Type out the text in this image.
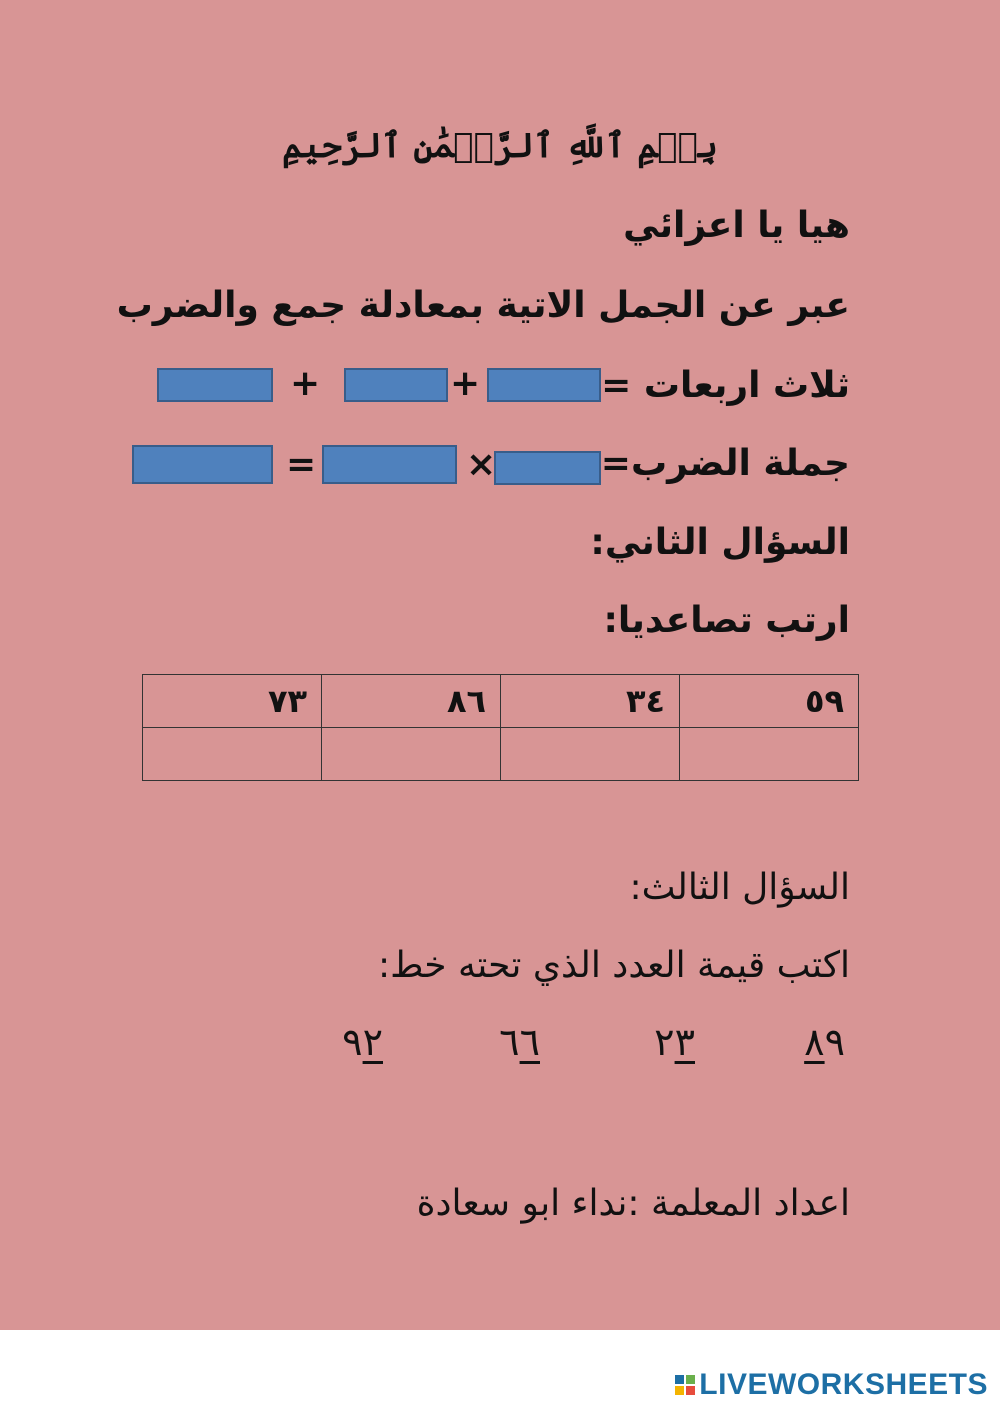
بِسۡمِ ٱللَّهِ ٱلرَّحۡمَٰنِ ٱلرَّحِيمِ
هيا يا اعزائي
عبر عن الجمل الاتية بمعادلة جمع والضرب
ثلاث اربعات =
+
+
جملة الضرب=
×
=
السؤال الثاني:
ارتب تصاعديا:
٥٩	٣٤	٨٦	٧٣

السؤال الثالث:
اكتب قيمة العدد الذي تحته خط:
٨٩
٢٣
٦٦
٩٢
اعداد المعلمة :نداء ابو سعادة
LIVEWORKSHEETS
